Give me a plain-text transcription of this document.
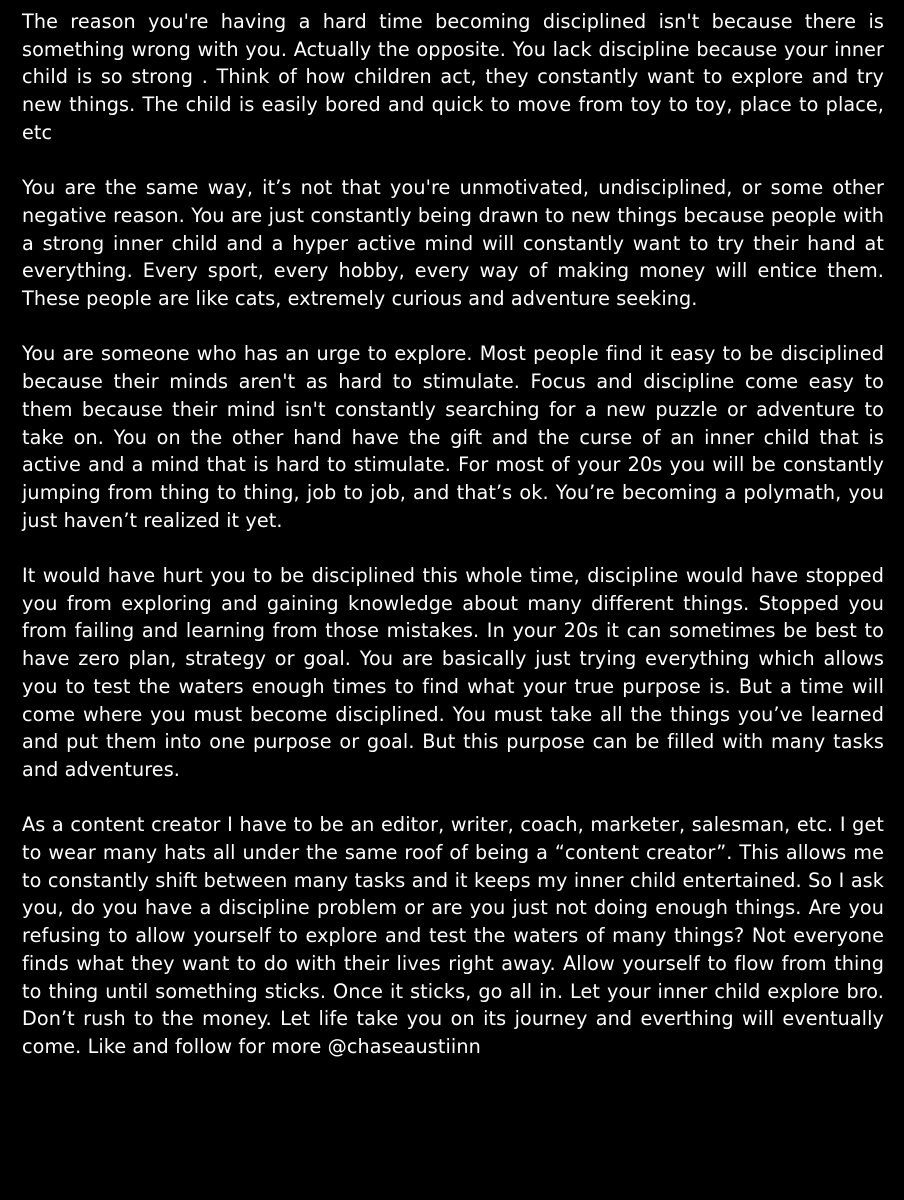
The reason you're having a hard time becoming disciplined isn't because there is something wrong with you. Actually the opposite. You lack discipline because your inner child is so strong . Think of how children act, they constantly want to explore and try new things. The child is easily bored and quick to move from toy to toy, place to place, etc

You are the same way, it’s not that you're unmotivated, undisciplined, or some other negative reason. You are just constantly being drawn to new things because people with a strong inner child and a hyper active mind will constantly want to try their hand at everything. Every sport, every hobby, every way of making money will entice them. These people are like cats, extremely curious and adventure seeking.

You are someone who has an urge to explore. Most people find it easy to be disciplined because their minds aren't as hard to stimulate. Focus and discipline come easy to them because their mind isn't constantly searching for a new puzzle or adventure to take on. You on the other hand have the gift and the curse of an inner child that is active and a mind that is hard to stimulate. For most of your 20s you will be constantly jumping from thing to thing, job to job, and that’s ok. You’re becoming a polymath, you just haven’t realized it yet.

It would have hurt you to be disciplined this whole time, discipline would have stopped you from exploring and gaining knowledge about many different things. Stopped you from failing and learning from those mistakes. In your 20s it can sometimes be best to have zero plan, strategy or goal. You are basically just trying everything which allows you to test the waters enough times to find what your true purpose is. But a time will come where you must become disciplined. You must take all the things you’ve learned and put them into one purpose or goal. But this purpose can be filled with many tasks and adventures.

As a content creator I have to be an editor, writer, coach, marketer, salesman, etc. I get to wear many hats all under the same roof of being a “content creator”. This allows me to constantly shift between many tasks and it keeps my inner child entertained. So I ask you, do you have a discipline problem or are you just not doing enough things. Are you refusing to allow yourself to explore and test the waters of many things? Not everyone finds what they want to do with their lives right away. Allow yourself to flow from thing to thing until something sticks. Once it sticks, go all in. Let your inner child explore bro. Don’t rush to the money. Let life take you on its journey and everthing will eventually come. Like and follow for more @chaseaustiinn
